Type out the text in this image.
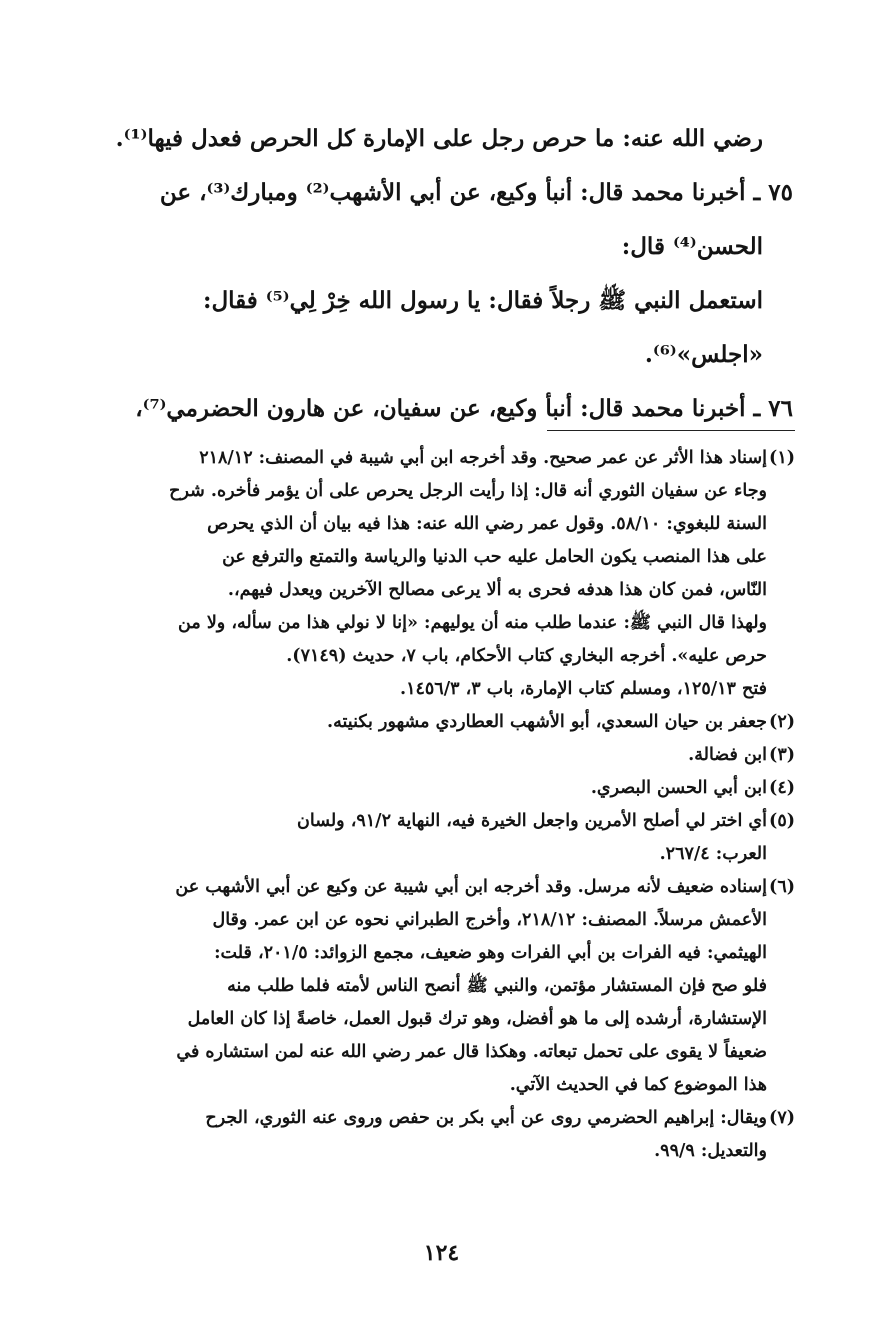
رضي الله عنه: ما حرص رجل على الإمارة كل الحرص فعدل فيها⁽¹⁾.

٧٥ ـ أخبرنا محمد قال: أنبأ وكيع، عن أبي الأشهب⁽²⁾ ومبارك⁽³⁾، عن
الحسن⁽⁴⁾ قال:

استعمل النبي ﷺ رجلاً فقال: يا رسول الله خِرْ لِي⁽⁵⁾ فقال:
«اجلس»⁽⁶⁾.

٧٦ ـ أخبرنا محمد قال: أنبأ وكيع، عن سفيان، عن هارون الحضرمي⁽⁷⁾،

(١)
إسناد هذا الأثر عن عمر صحيح. وقد أخرجه ابن أبي شيبة في المصنف: ٢١٨/١٢
وجاء عن سفيان الثوري أنه قال: إذا رأيت الرجل يحرص على أن يؤمر فأخره. شرح
السنة للبغوي: ٥٨/١٠. وقول عمر رضي الله عنه: هذا فيه بيان أن الذي يحرص
على هذا المنصب يكون الحامل عليه حب الدنيا والرياسة والتمتع والترفع عن
النّاس، فمن كان هذا هدفه فحرى به ألا يرعى مصالح الآخرين ويعدل فيهم،.
ولهذا قال النبي ﷺ: عندما طلب منه أن يوليهم: «إنا لا نولي هذا من سأله، ولا من
حرص عليه». أخرجه البخاري كتاب الأحكام، باب ٧، حديث (٧١٤٩).
فتح ١٢٥/١٣، ومسلم كتاب الإمارة، باب ٣، ١٤٥٦/٣.
(٢)
جعفر بن حيان السعدي، أبو الأشهب العطاردي مشهور بكنيته.
(٣)
ابن فضالة.
(٤)
ابن أبي الحسن البصري.
(٥)
أي اختر لي أصلح الأمرين واجعل الخيرة فيه، النهاية ٩١/٢، ولسان
العرب: ٢٦٧/٤.
(٦)
إسناده ضعيف لأنه مرسل. وقد أخرجه ابن أبي شيبة عن وكيع عن أبي الأشهب عن
الأعمش مرسلاً. المصنف: ٢١٨/١٢، وأخرج الطبراني نحوه عن ابن عمر. وقال
الهيثمي: فيه الفرات بن أبي الفرات وهو ضعيف، مجمع الزوائد: ٢٠١/٥، قلت:
فلو صح فإن المستشار مؤتمن، والنبي ﷺ أنصح الناس لأمته فلما طلب منه
الإستشارة، أرشده إلى ما هو أفضل، وهو ترك قبول العمل، خاصةً إذا كان العامل
ضعيفاً لا يقوى على تحمل تبعاته. وهكذا قال عمر رضي الله عنه لمن استشاره في
هذا الموضوع كما في الحديث الآتي.
(٧)
ويقال: إبراهيم الحضرمي روى عن أبي بكر بن حفص وروى عنه الثوري، الجرح
والتعديل: ٩٩/٩.
١٢٤
